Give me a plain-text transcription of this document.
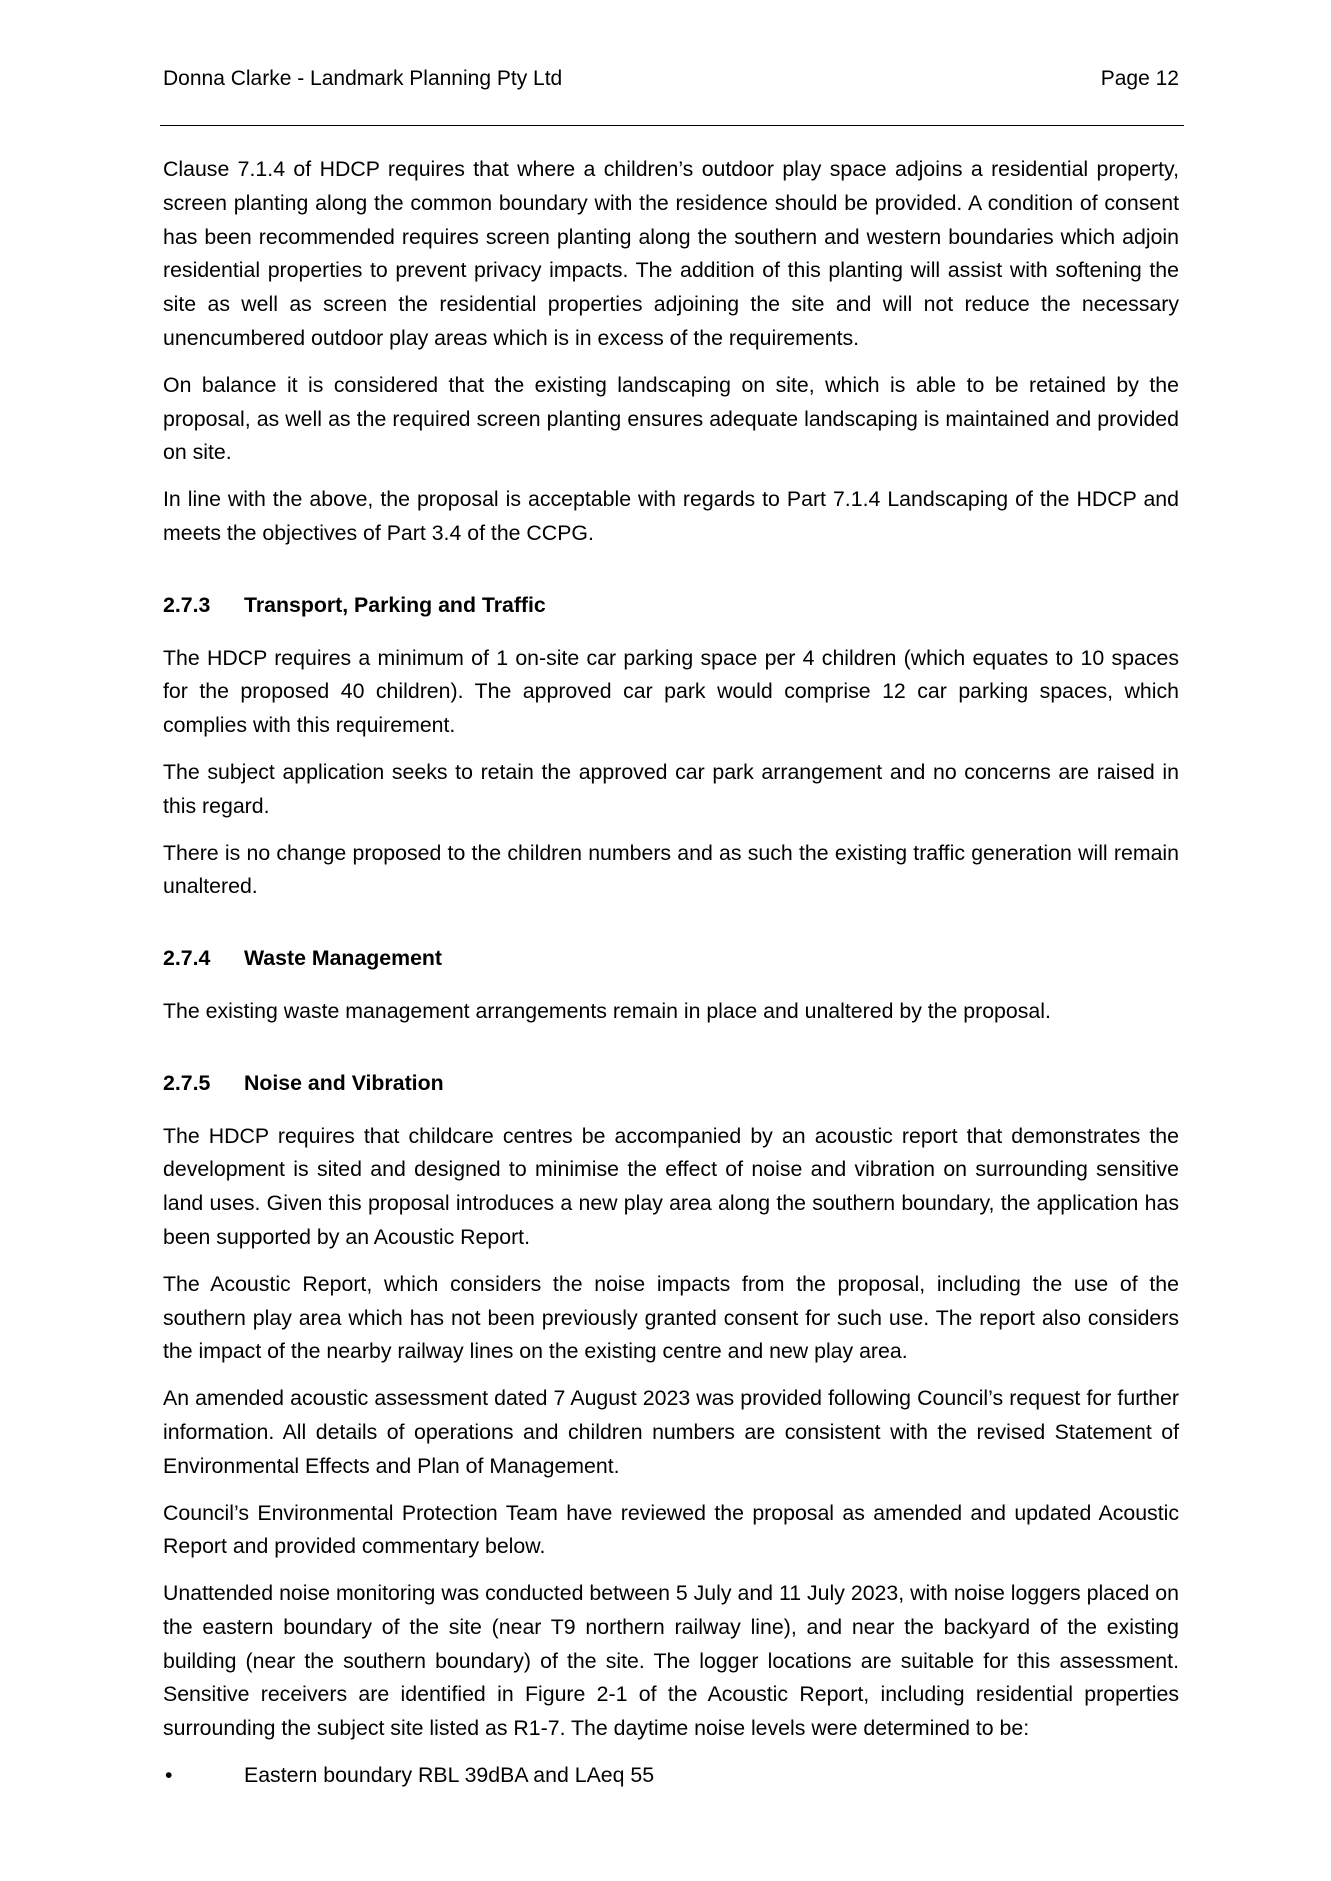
Donna Clarke - Landmark Planning Pty Ltd	Page 12

Clause 7.1.4 of HDCP requires that where a children’s outdoor play space adjoins a residential property, screen planting along the common boundary with the residence should be provided. A condition of consent has been recommended requires screen planting along the southern and western boundaries which adjoin residential properties to prevent privacy impacts. The addition of this planting will assist with softening the site as well as screen the residential properties adjoining the site and will not reduce the necessary unencumbered outdoor play areas which is in excess of the requirements.

On balance it is considered that the existing landscaping on site, which is able to be retained by the proposal, as well as the required screen planting ensures adequate landscaping is maintained and provided on site.

In line with the above, the proposal is acceptable with regards to Part 7.1.4 Landscaping of the HDCP and meets the objectives of Part 3.4 of the CCPG.

2.7.3 Transport, Parking and Traffic

The HDCP requires a minimum of 1 on-site car parking space per 4 children (which equates to 10 spaces for the proposed 40 children). The approved car park would comprise 12 car parking spaces, which complies with this requirement.

The subject application seeks to retain the approved car park arrangement and no concerns are raised in this regard.

There is no change proposed to the children numbers and as such the existing traffic generation will remain unaltered.

2.7.4 Waste Management

The existing waste management arrangements remain in place and unaltered by the proposal.

2.7.5 Noise and Vibration

The HDCP requires that childcare centres be accompanied by an acoustic report that demonstrates the development is sited and designed to minimise the effect of noise and vibration on surrounding sensitive land uses. Given this proposal introduces a new play area along the southern boundary, the application has been supported by an Acoustic Report.

The Acoustic Report, which considers the noise impacts from the proposal, including the use of the southern play area which has not been previously granted consent for such use. The report also considers the impact of the nearby railway lines on the existing centre and new play area.

An amended acoustic assessment dated 7 August 2023 was provided following Council’s request for further information. All details of operations and children numbers are consistent with the revised Statement of Environmental Effects and Plan of Management.

Council’s Environmental Protection Team have reviewed the proposal as amended and updated Acoustic Report and provided commentary below.

Unattended noise monitoring was conducted between 5 July and 11 July 2023, with noise loggers placed on the eastern boundary of the site (near T9 northern railway line), and near the backyard of the existing building (near the southern boundary) of the site. The logger locations are suitable for this assessment. Sensitive receivers are identified in Figure 2-1 of the Acoustic Report, including residential properties surrounding the subject site listed as R1-7. The daytime noise levels were determined to be:

•	Eastern boundary RBL 39dBA and LAeq 55
